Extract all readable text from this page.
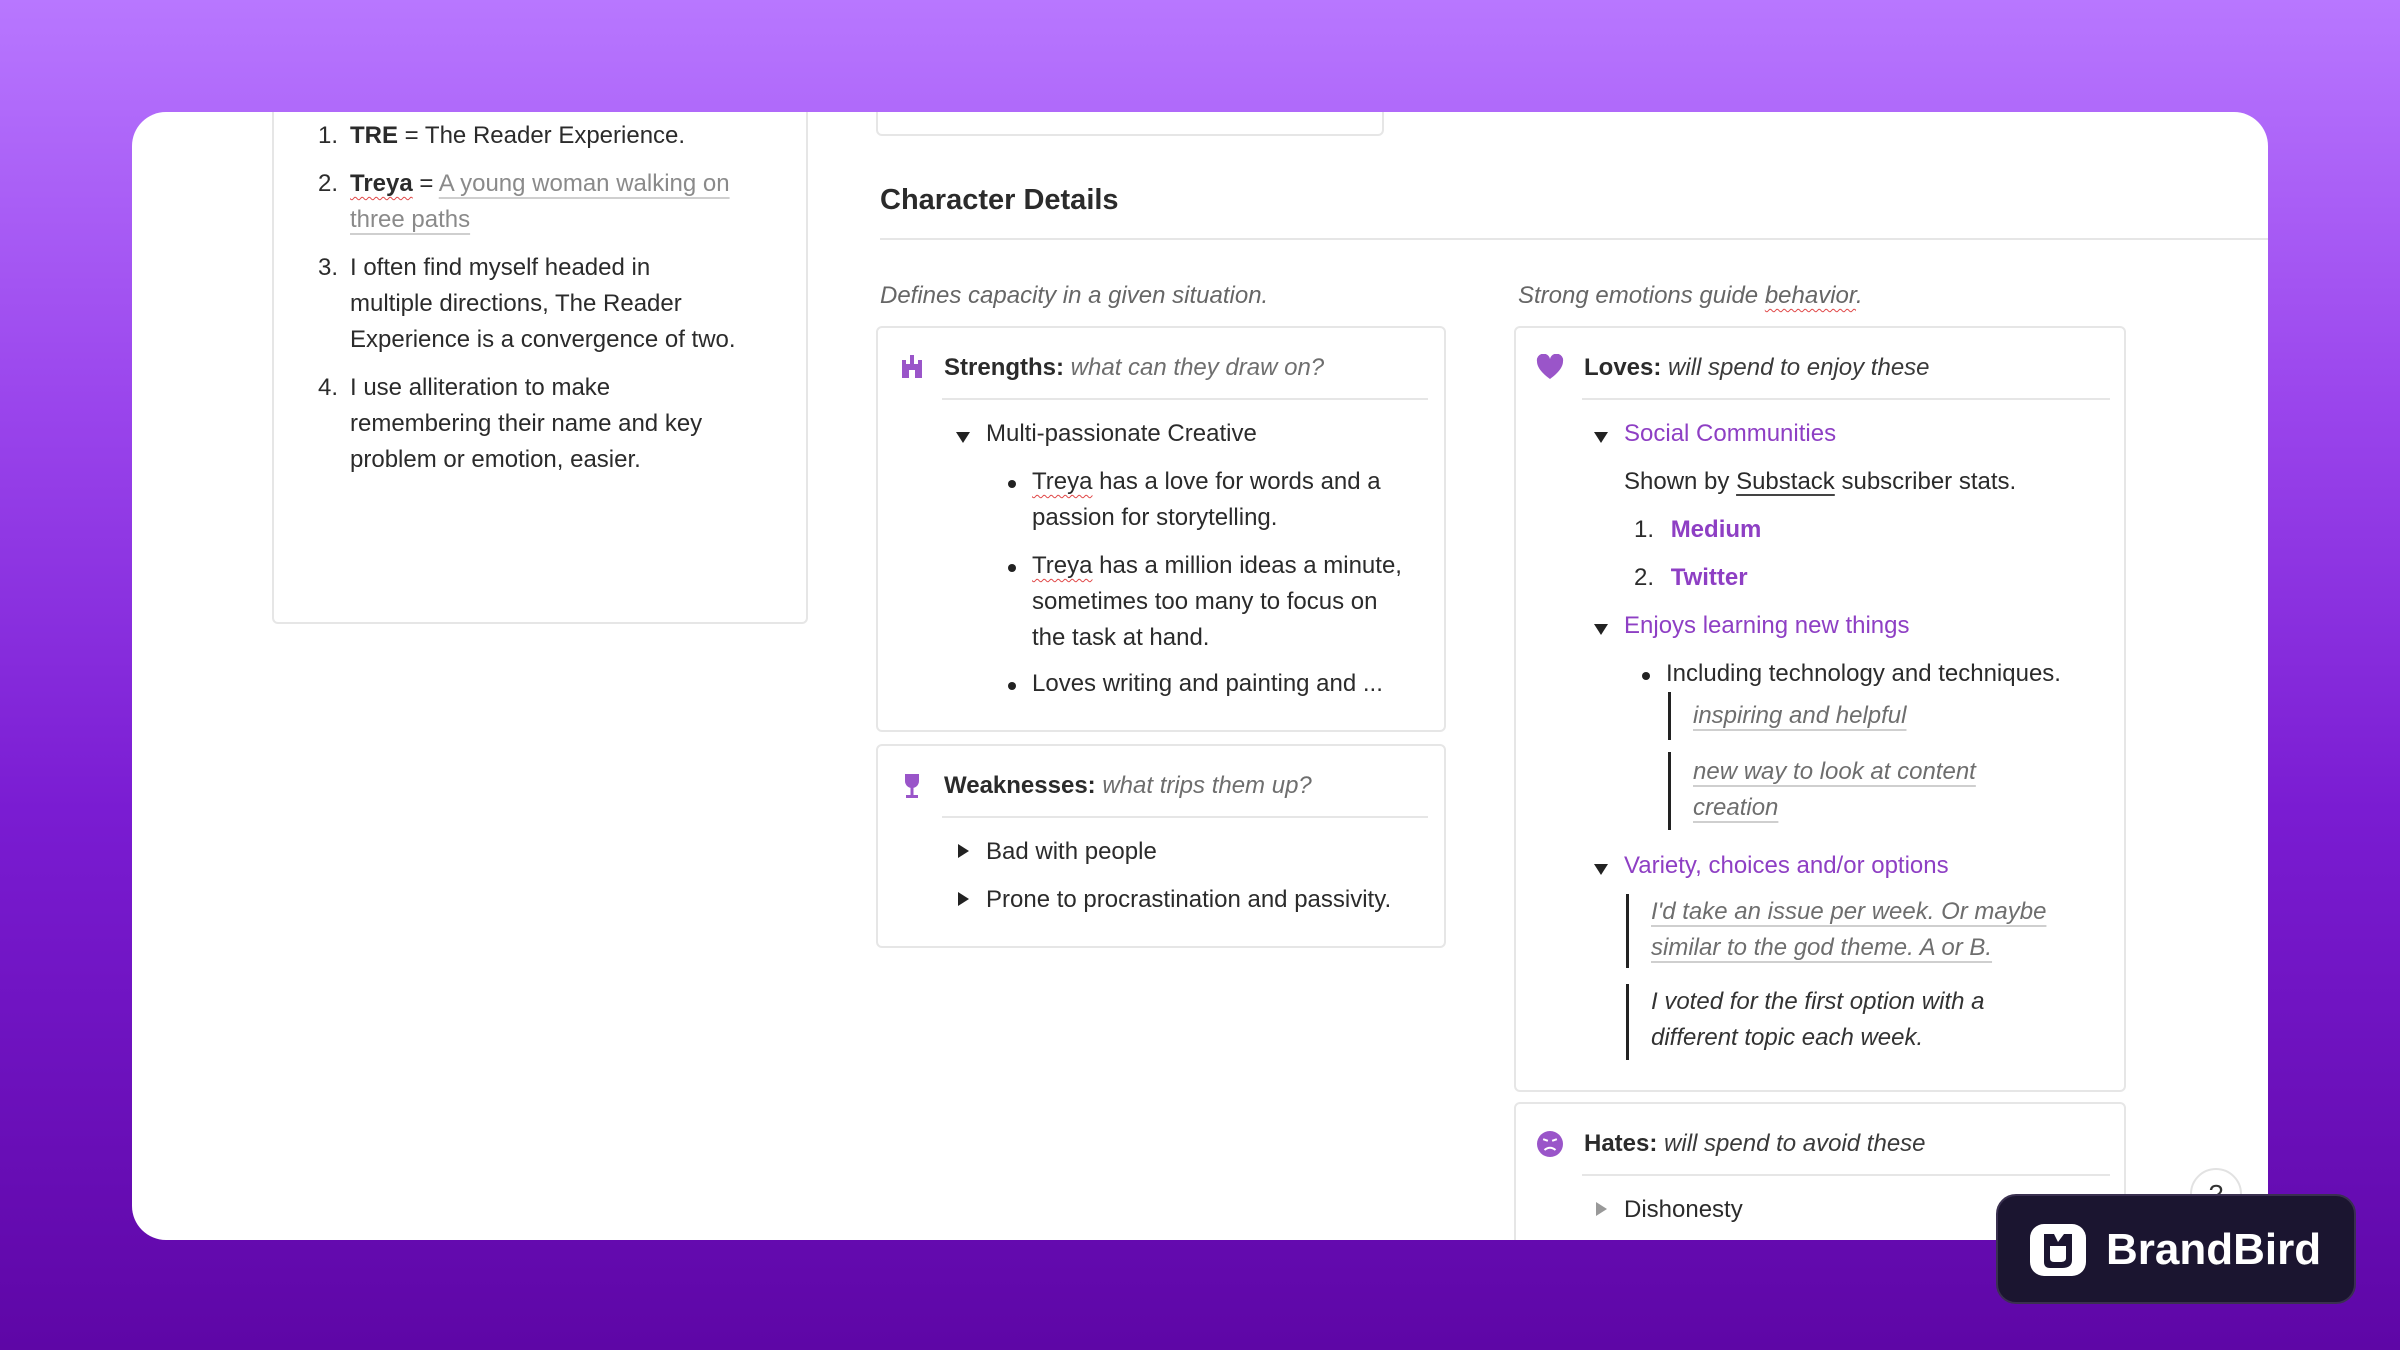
1. TRE = The Reader Experience.
2. Treya = A young woman walking on
three paths
3. I often find myself headed in
multiple directions, The Reader
Experience is a convergence of two.
4. I use alliteration to make
remembering their name and key
problem or emotion, easier.
Character Details
Defines capacity in a given situation.
Strengths: what can they draw on?
Multi-passionate Creative
Treya has a love for words and a
passion for storytelling.
Treya has a million ideas a minute,
sometimes too many to focus on
the task at hand.
Loves writing and painting and ...
Weaknesses: what trips them up?
Bad with people
Prone to procrastination and passivity.
Strong emotions guide behavior.
Loves: will spend to enjoy these
Social Communities
Shown by Substack subscriber stats.
1. Medium
2. Twitter
Enjoys learning new things
Including technology and techniques.
inspiring and helpful
new way to look at content
creation
Variety, choices and/or options
I'd take an issue per week. Or maybe
similar to the god theme. A or B.
I voted for the first option with a
different topic each week.
Hates: will spend to avoid these
Dishonesty
BrandBird
